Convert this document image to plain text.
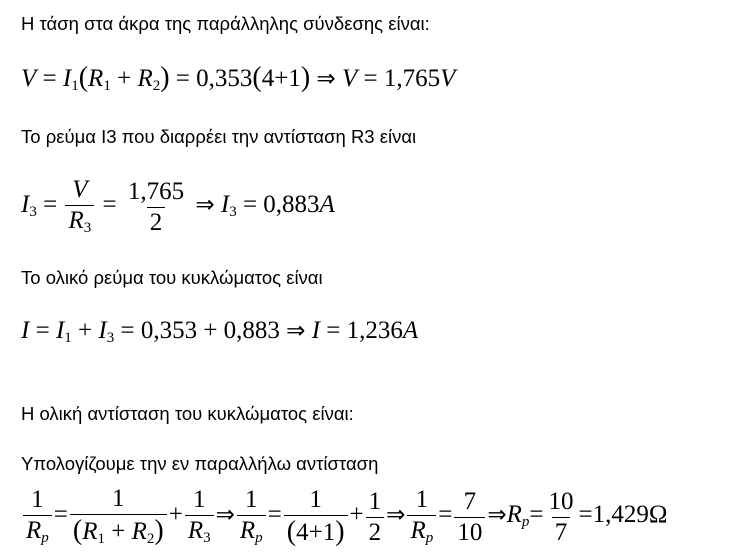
Η τάση στα άκρα της παράλληλης σύνδεσης είναι:
$V = I_1(R_1 + R_2) = 0,353(4+1)$ ⇒ V = 1,765V
Το ρεύμα I3 που διαρρέει την αντίσταση R3 είναι
$I_3 = \frac{V}{R_3} = \frac{1,765}{2}$ ⇒ $I_3 = 0,883A$
Το ολικό ρεύμα του κυκλώματος είναι
$I = I_1 + I_3 = 0,353 + 0,883$ ⇒ I = 1,236A
Η ολική αντίσταση του κυκλώματος είναι:
Υπολογίζουμε την εν παραλλήλω αντίσταση
$\frac{1}{R_p} = \frac{1}{(R_1 + R_2)} + \frac{1}{R_3}$ ⇒ $\frac{1}{R_p} = \frac{1}{(4+1)} + \frac{1}{2}$ ⇒ $\frac{1}{R_p} = \frac{7}{10}$ $\Rightarrow R_p= \frac{10}{7} =1,429\Omega$
